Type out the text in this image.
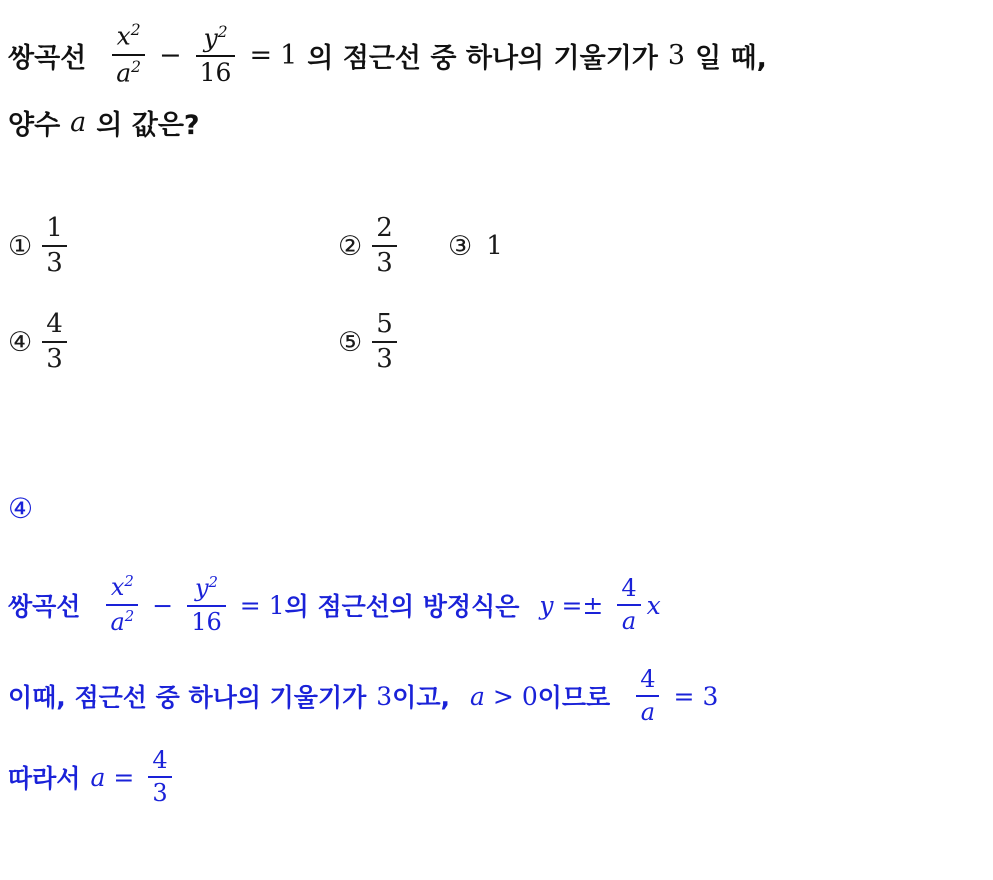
쌍곡선 $\frac{x^2}{a^2} - \frac{y^2}{16} = 1$ 의 점근선 중 하나의 기울기가 3 일 때,
양수 a 의 값은?
① $\frac{1}{3}$	② $\frac{2}{3}$ ③ 1
④ $\frac{4}{3}$	⑤ $\frac{5}{3}$
④
쌍곡선 $\frac{x^2}{a^2} - \frac{y^2}{16} = 1$ 의 점근선의 방정식은 $y =\pm \frac{4}{a}$ x
이때, 점근선 중 하나의 기울기가 3 이고, a > 0 이므로 $\frac{4}{a} = 3$
따라서 $a = \frac{4}{3}$
